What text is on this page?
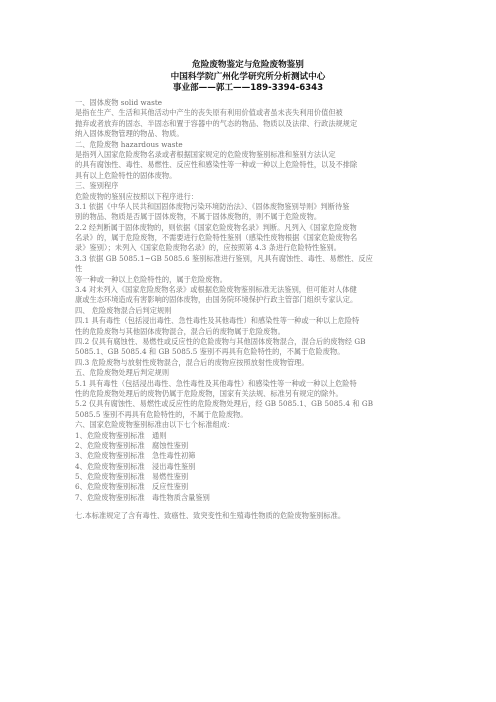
危险废物鉴定与危险废物鉴别
中国科学院广州化学研究所分析测试中心
事业部——郭工——189-3394-6343
一、固体废物 solid waste
是指在生产、生活和其他活动中产生的丧失原有利用价值或者虽未丧失利用价值但被
抛弃或者放弃的固态、半固态和置于容器中的气态的物品、物质以及法律、行政法规规定
纳入固体废物管理的物品、物质。
二、危险废物 hazardous waste
是指列入国家危险废物名录或者根据国家规定的危险废物鉴别标准和鉴别方法认定
的具有腐蚀性、毒性、易燃性、反应性和感染性等一种或一种以上危险特性，以及不排除
具有以上危险特性的固体废物。
三、鉴别程序
危险废物的鉴别应按照以下程序进行：
3.1 依据《中华人民共和国固体废物污染环境防治法》、《固体废物鉴别导则》判断待鉴
别的物品、物质是否属于固体废物，不属于固体废物的，则不属于危险废物。
2.2 经判断属于固体废物的，则依据《国家危险废物名录》判断。凡列入《国家危险废物
名录》的，属于危险废物，不需要进行危险特性鉴别（感染性废物根据《国家危险废物名
录》鉴别）；未列入《国家危险废物名录》的，应按照第 4.3 条进行危险特性鉴别。
3.3 依据 GB 5085.1~GB 5085.6 鉴别标准进行鉴别，凡具有腐蚀性、毒性、易燃性、反应
性
等一种或一种以上危险特性的，属于危险废物。
3.4 对未列入《国家危险废物名录》或根据危险废物鉴别标准无法鉴别，但可能对人体健
康或生态环境造成有害影响的固体废物，由国务院环境保护行政主管部门组织专家认定。
四、 危险废物混合后判定规则
四.1 具有毒性（包括浸出毒性、急性毒性及其他毒性）和感染性等一种或一种以上危险特
性的危险废物与其他固体废物混合，混合后的废物属于危险废物。
四.2 仅具有腐蚀性、易燃性或反应性的危险废物与其他固体废物混合，混合后的废物经 GB
5085.1、GB 5085.4 和 GB 5085.5 鉴别不再具有危险特性的，不属于危险废物。
四.3 危险废物与放射性废物混合，混合后的废物应按照放射性废物管理。
五、危险废物处理后判定规则
5.1 具有毒性（包括浸出毒性、急性毒性及其他毒性）和感染性等一种或一种以上危险特
性的危险废物处理后的废物仍属于危险废物，国家有关法规、标准另有规定的除外。
5.2 仅具有腐蚀性、易燃性或反应性的危险废物处理后，经 GB 5085.1、GB 5085.4 和 GB
5085.5 鉴别不再具有危险特性的，不属于危险废物。
六、国家危险废物鉴别标准由以下七个标准组成：
1、危险废物鉴别标准　通则
2、危险废物鉴别标准　腐蚀性鉴别
3、危险废物鉴别标准　急性毒性初筛
4、危险废物鉴别标准　浸出毒性鉴别
5、危险废物鉴别标准　易燃性鉴别
6、危险废物鉴别标准　反应性鉴别
7、危险废物鉴别标准　毒性物质含量鉴别
七.本标准规定了含有毒性、致癌性、致突变性和生殖毒性物质的危险废物鉴别标准。
